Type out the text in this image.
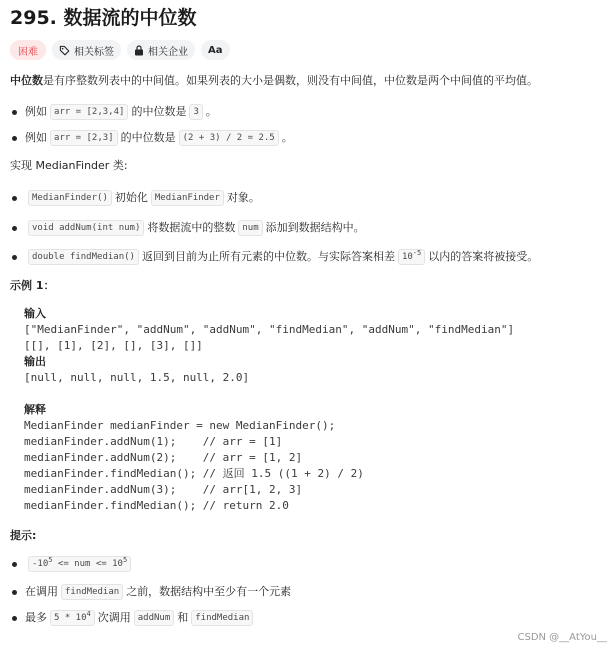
295. 数据流的中位数
困难	相关标签	相关企业 Aa
中位数是有序整数列表中的中间值。如果列表的大小是偶数，则没有中间值，中位数是两个中间值的平均值。
例如 arr = [2,3,4] 的中位数是 3 。
例如 arr = [2,3] 的中位数是 (2 + 3) / 2 = 2.5 。
实现 MedianFinder 类:
MedianFinder() 初始化 MedianFinder 对象。
void addNum(int num) 将数据流中的整数 num 添加到数据结构中。
double findMedian() 返回到目前为止所有元素的中位数。与实际答案相差 $10^{-5}$ 以内的答案将被接受。
示例 1：
输入
["MedianFinder", "addNum", "addNum", "findMedian", "addNum", "findMedian"]
[[], [1], [2], [], [3], []]
输出
[null, null, null, 1.5, null, 2.0]
解释
MedianFinder medianFinder = new MedianFinder();
medianFinder.addNum(1);    // arr = [1]
medianFinder.addNum(2);    // arr = [1, 2]
medianFinder.findMedian(); // 返回 1.5 ((1 + 2) / 2)
medianFinder.addNum(3);    // arr[1, 2, 3]
medianFinder.findMedian(); // return 2.0
提示:
$-10^5$ <= num <= $10^5$
在调用 findMedian 之前，数据结构中至少有一个元素
最多 $5 * 10^4$ 次调用 addNum 和 findMedian
CSDN @__AtYou__
